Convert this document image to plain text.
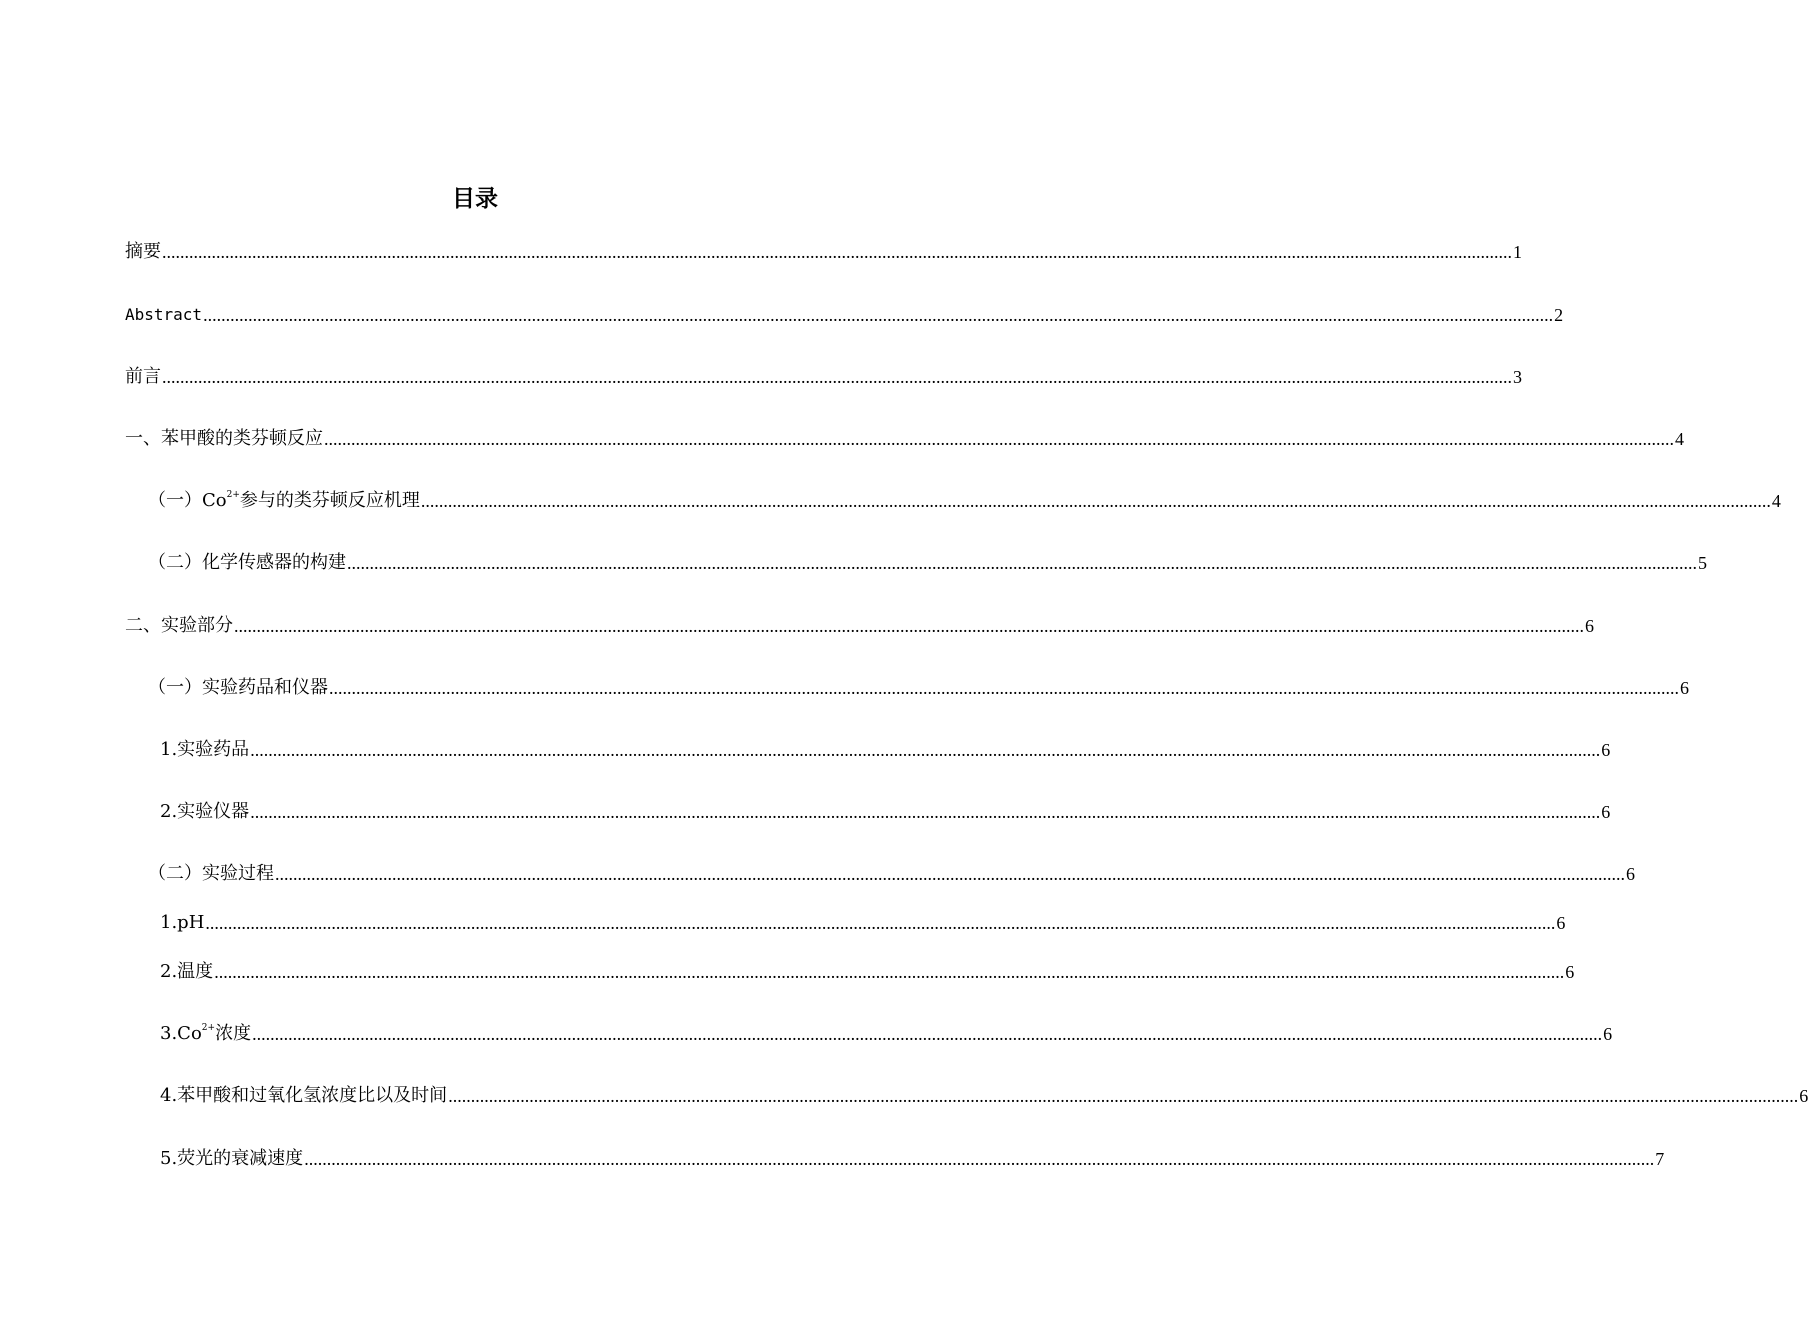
目录
摘要 ............................................................................................................................................................................................................................................................................................................ 1
Abstract ............................................................................................................................................................................................................................................................................................................ 2
前言 ............................................................................................................................................................................................................................................................................................................ 3
一、苯甲酸的类芬顿反应 ............................................................................................................................................................................................................................................................................................................ 4
（一）$Co^{2+}$参与的类芬顿反应机理 ............................................................................................................................................................................................................................................................................................................ 4
（二）化学传感器的构建 ............................................................................................................................................................................................................................................................................................................ 5
二、实验部分 ............................................................................................................................................................................................................................................................................................................ 6
（一）实验药品和仪器 ............................................................................................................................................................................................................................................................................................................ 6
1.实验药品 ............................................................................................................................................................................................................................................................................................................ 6
2.实验仪器 ............................................................................................................................................................................................................................................................................................................ 6
（二）实验过程 ............................................................................................................................................................................................................................................................................................................ 6
1.pH ............................................................................................................................................................................................................................................................................................................ 6
2.温度 ............................................................................................................................................................................................................................................................................................................ 6
$3.Co^{2+}$浓度 ............................................................................................................................................................................................................................................................................................................ 6
4.苯甲酸和过氧化氢浓度比以及时间 ............................................................................................................................................................................................................................................................................................................ 6
5.荧光的衰减速度 ............................................................................................................................................................................................................................................................................................................ 7
